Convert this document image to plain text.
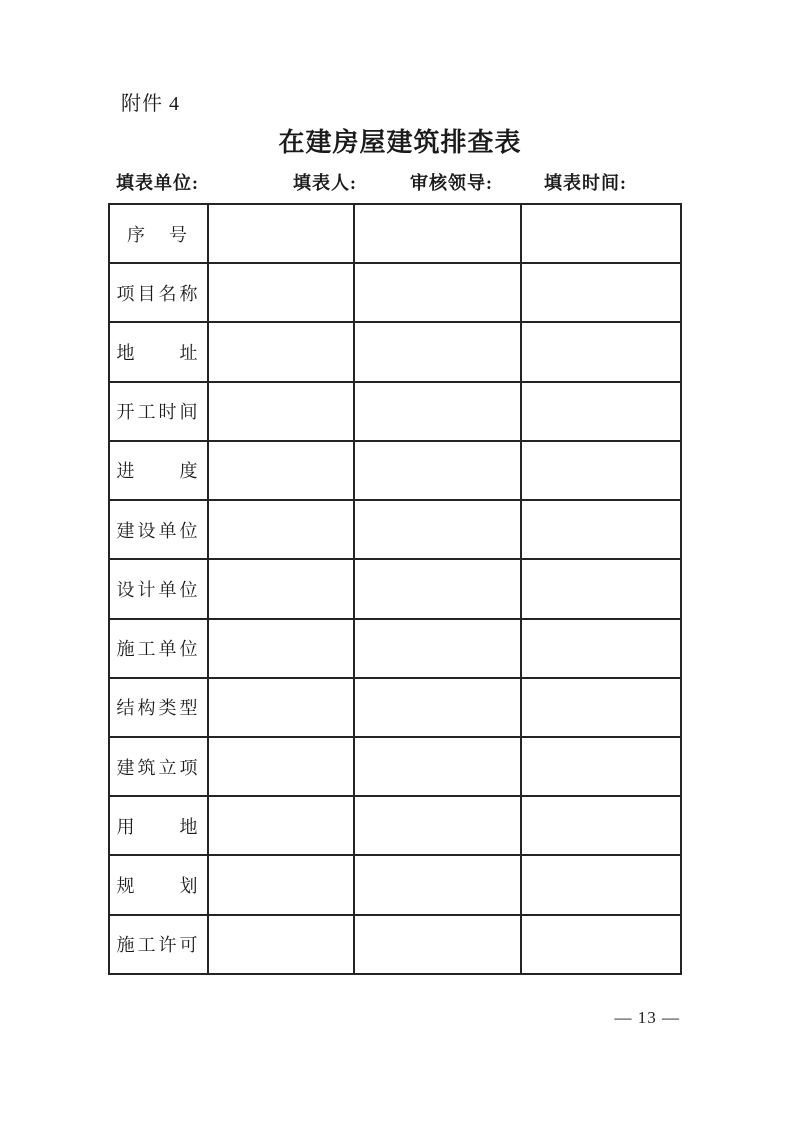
附件 4
在建房屋建筑排查表
填表单位:	填表人:	审核领导:	填表时间:
序　号			
项目名称			
地　　址			
开工时间			
进　　度			
建设单位			
设计单位			
施工单位			
结构类型			
建筑立项			
用　　地			
规　　划			
施工许可			
— 13 —
